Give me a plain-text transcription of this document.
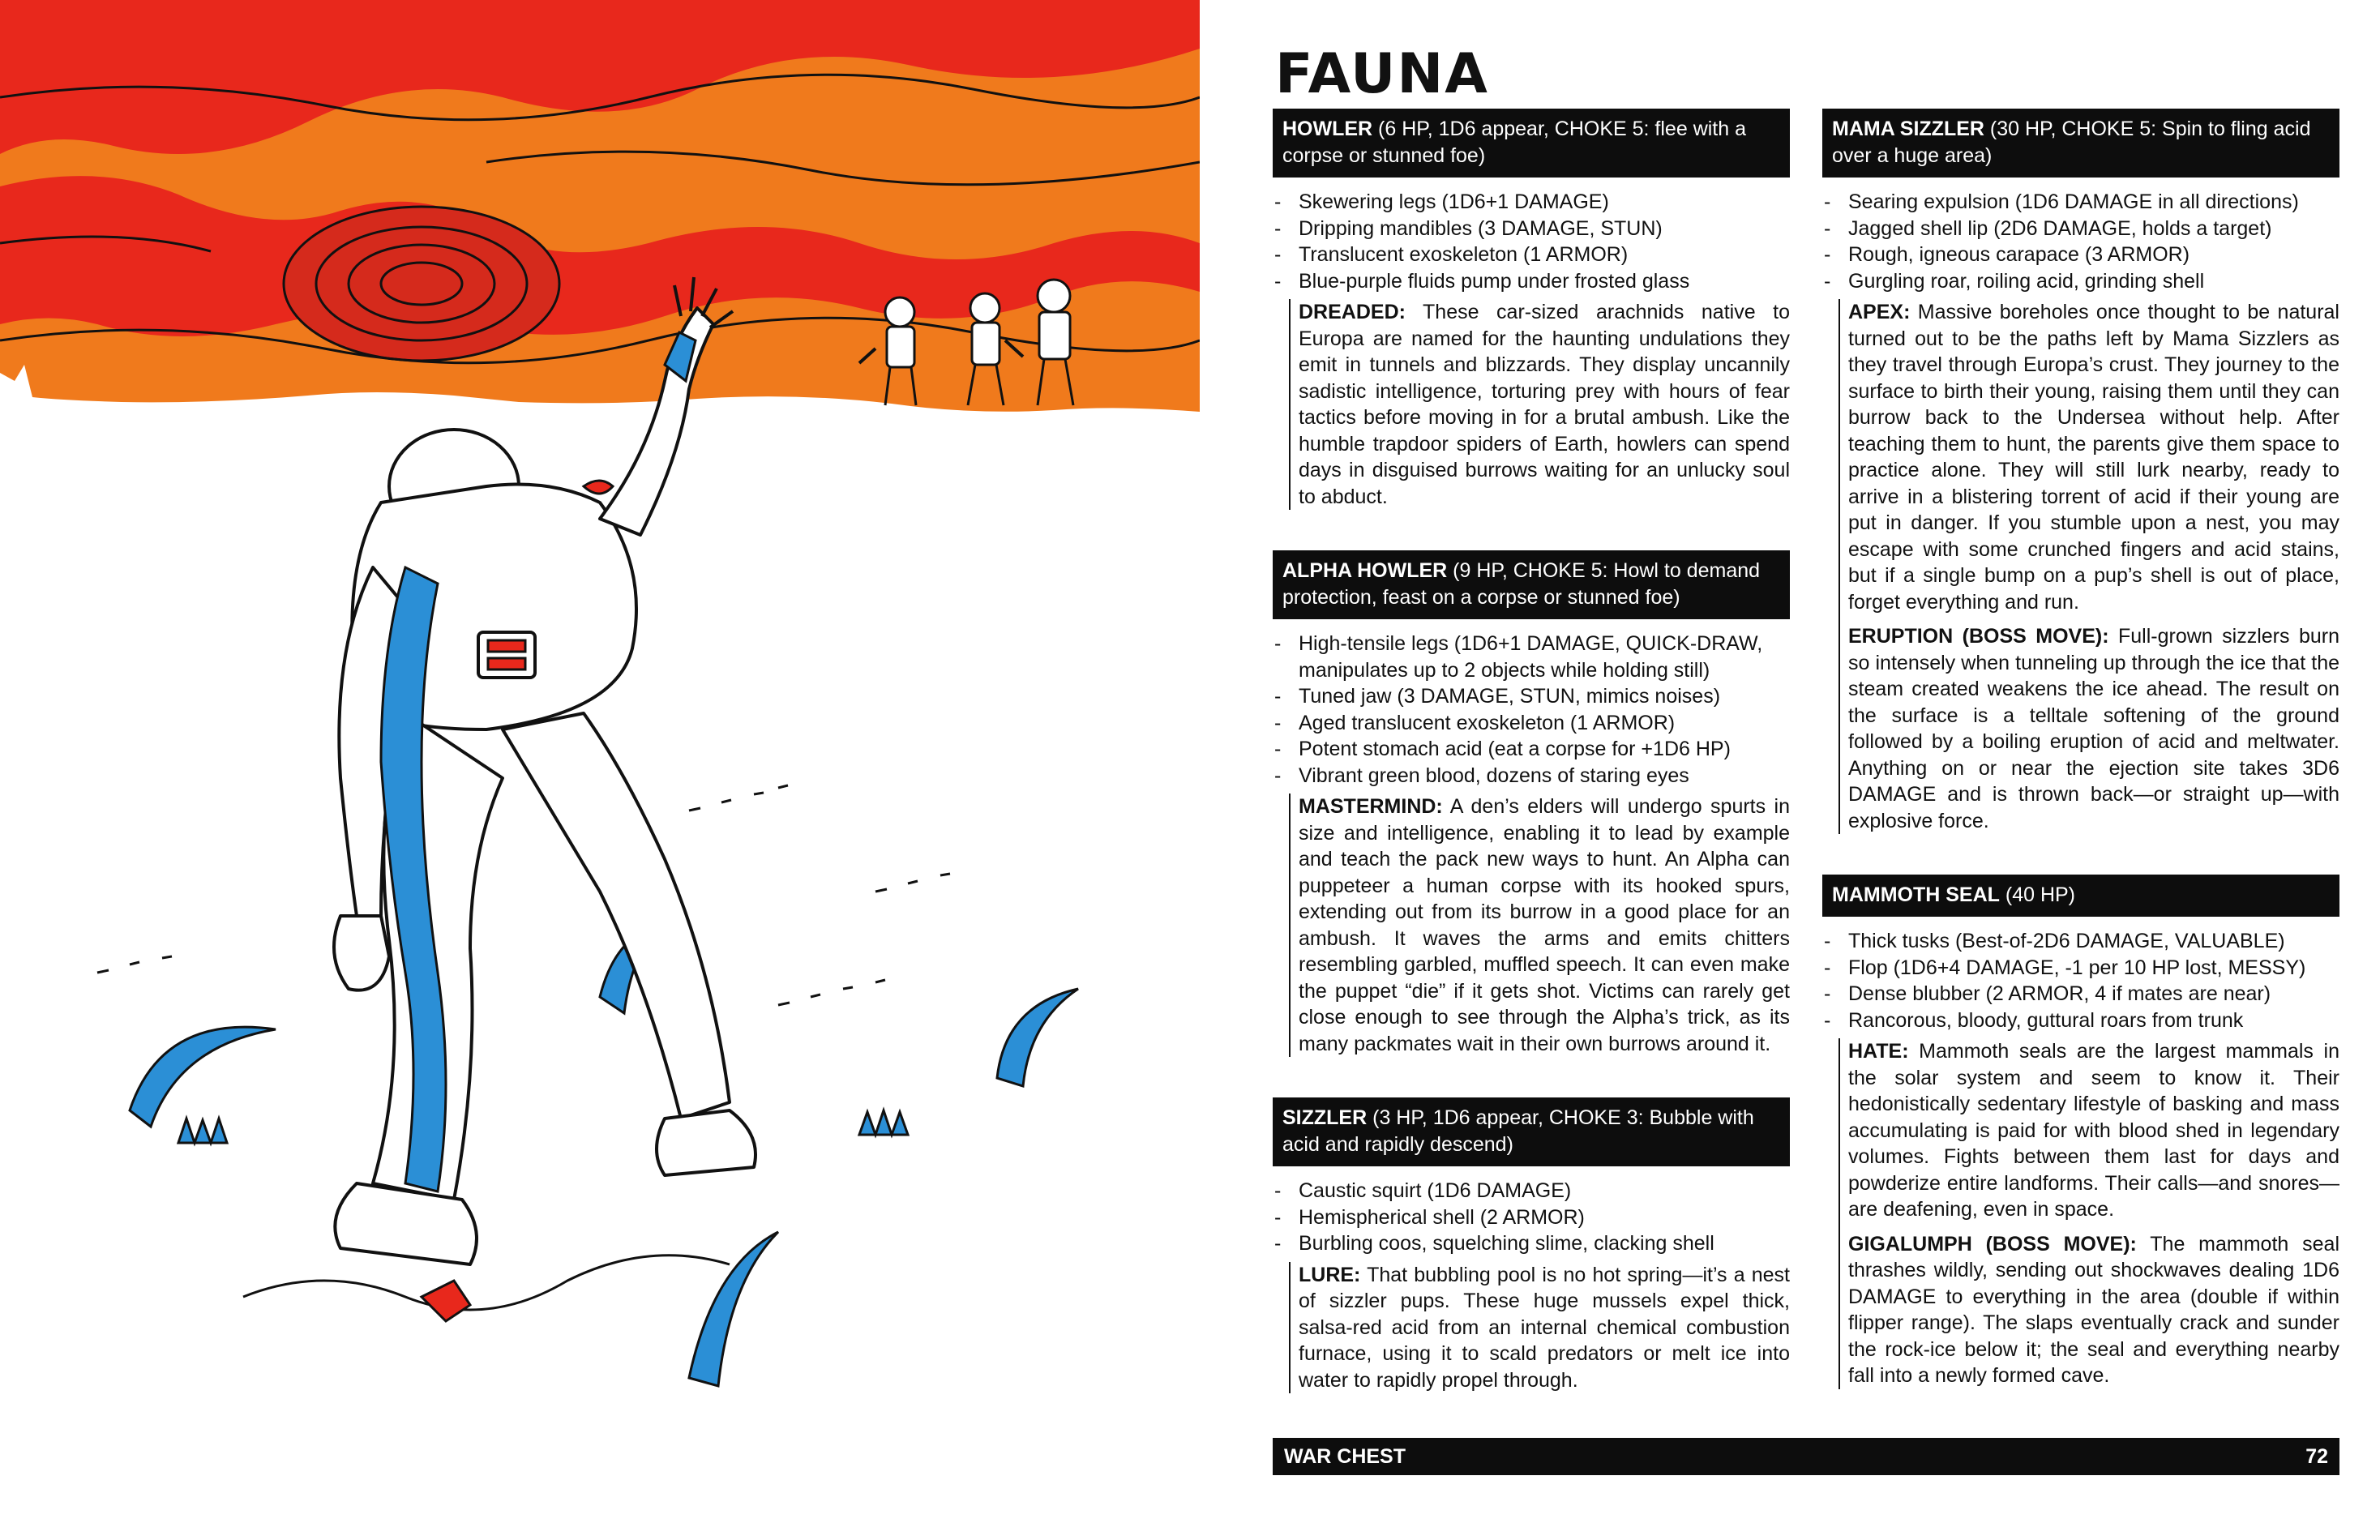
FAUNA
HOWLER (6 HP, 1D6 appear, CHOKE 5: flee with a corpse or stunned foe)
- Skewering legs (1D6+1 DAMAGE)
- Dripping mandibles (3 DAMAGE, STUN)
- Translucent exoskeleton (1 ARMOR)
- Blue-purple fluids pump under frosted glass

DREADED: These car-sized arachnids native to Europa are named for the haunting undulations they emit in tunnels and blizzards. They display uncannily sadistic intelligence, torturing prey with hours of fear tactics before moving in for a brutal ambush. Like the humble trapdoor spiders of Earth, howlers can spend days in disguised burrows waiting for an unlucky soul to abduct.

ALPHA HOWLER (9 HP, CHOKE 5: Howl to demand protection, feast on a corpse or stunned foe)
- High-tensile legs (1D6+1 DAMAGE, QUICK-DRAW, manipulates up to 2 objects while holding still)
- Tuned jaw (3 DAMAGE, STUN, mimics noises)
- Aged translucent exoskeleton (1 ARMOR)
- Potent stomach acid (eat a corpse for +1D6 HP)
- Vibrant green blood, dozens of staring eyes

MASTERMIND: A den’s elders will undergo spurts in size and intelligence, enabling it to lead by example and teach the pack new ways to hunt. An Alpha can puppeteer a human corpse with its hooked spurs, extending out from its burrow in a good place for an ambush. It waves the arms and emits chitters resembling garbled, muffled speech. It can even make the puppet “die” if it gets shot. Victims can rarely get close enough to see through the Alpha’s trick, as its many packmates wait in their own burrows around it.

SIZZLER (3 HP, 1D6 appear, CHOKE 3: Bubble with acid and rapidly descend)
- Caustic squirt (1D6 DAMAGE)
- Hemispherical shell (2 ARMOR)
- Burbling coos, squelching slime, clacking shell

LURE: That bubbling pool is no hot spring—it’s a nest of sizzler pups. These huge mussels expel thick, salsa-red acid from an internal chemical combustion furnace, using it to scald predators or melt ice into water to rapidly propel through.

MAMA SIZZLER (30 HP, CHOKE 5: Spin to fling acid over a huge area)
- Searing expulsion (1D6 DAMAGE in all directions)
- Jagged shell lip (2D6 DAMAGE, holds a target)
- Rough, igneous carapace (3 ARMOR)
- Gurgling roar, roiling acid, grinding shell

APEX: Massive boreholes once thought to be natural turned out to be the paths left by Mama Sizzlers as they travel through Europa’s crust. They journey to the surface to birth their young, raising them until they can burrow back to the Undersea without help. After teaching them to hunt, the parents give them space to practice alone. They will still lurk nearby, ready to arrive in a blistering torrent of acid if their young are put in danger. If you stumble upon a nest, you may escape with some crunched fingers and acid stains, but if a single bump on a pup’s shell is out of place, forget everything and run.

ERUPTION (BOSS MOVE): Full-grown sizzlers burn so intensely when tunneling up through the ice that the steam created weakens the ice ahead. The result on the surface is a telltale softening of the ground followed by a boiling eruption of acid and meltwater. Anything on or near the ejection site takes 3D6 DAMAGE and is thrown back—or straight up—with explosive force.

MAMMOTH SEAL (40 HP)
- Thick tusks (Best-of-2D6 DAMAGE, VALUABLE)
- Flop (1D6+4 DAMAGE, -1 per 10 HP lost, MESSY)
- Dense blubber (2 ARMOR, 4 if mates are near)
- Rancorous, bloody, guttural roars from trunk

HATE: Mammoth seals are the largest mammals in the solar system and seem to know it. Their hedonistically sedentary lifestyle of basking and mass accumulating is paid for with blood shed in legendary volumes. Fights between them last for days and powderize entire landforms. Their calls—and snores—are deafening, even in space.

GIGALUMPH (BOSS MOVE): The mammoth seal thrashes wildly, sending out shockwaves dealing 1D6 DAMAGE to everything in the area (double if within flipper range). The slaps eventually crack and sunder the rock-ice below it; the seal and everything nearby fall into a newly formed cave.

WAR CHEST	72
